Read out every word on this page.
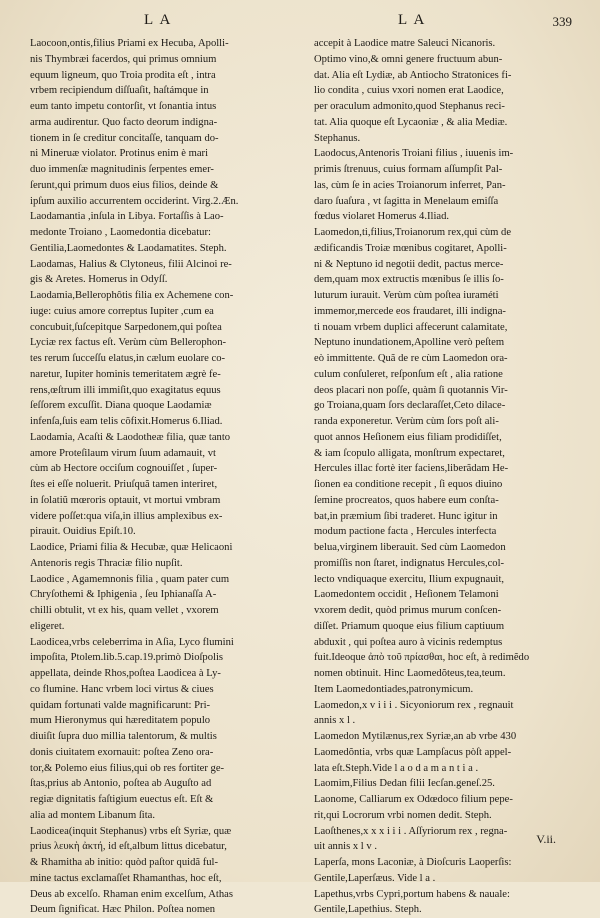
L A	L A	339

Laocoon,ontis,filius Priami ex Hecuba, Apolli-

nis Thymbræi facerdos, qui primus omnium

equum ligneum, quo Troia prodita eſt , intra

vrbem recipiendum diſſuaſit, haſtámque in

eum tanto impetu contorſit, vt ſonantia intus

arma audirentur. Quo facto deorum indigna-

tionem in ſe creditur concitaſſe, tanquam do-

ni Mineruæ violator. Protinus enim è mari

duo immenſæ magnitudinis ſerpentes emer-

ſerunt,qui primum duos eius filios, deinde &

ipſum auxilio accurrentem occiderint. Virg.2.Æn.

Laodamantia ,inſula in Libya. Fortaſſis à Lao-

medonte Troiano , Laomedontia dicebatur:

Gentilia,Laomedontes & Laodamatites. Steph.

Laodamas, Halius & Clytoneus, filii Alcinoi re-

gis & Aretes. Homerus in Odyſſ.

Laodamia,Bellerophôtis filia ex Achemene con-

iuge: cuius amore correptus Iupiter ,cum ea

concubuit,ſuſcepitque Sarpedonem,qui poſtea

Lyciæ rex factus eſt. Verùm cùm Bellerophon-

tes rerum ſucceſſu elatus,in cælum euolare co-

naretur, Iupiter hominis temeritatem ægrè fe-

rens,œſtrum illi immiſit,quo exagitatus equus

ſeſſorem excuſſit. Diana quoque Laodamiæ

infenſa,ſuis eam telis cõfixit.Homerus 6.Iliad.

Laodamia, Acaſti & Laodotheæ filia, quæ tanto

amore Proteſilaum virum ſuum adamauit, vt

cùm ab Hectore occiſum cognouiſſet , ſuper-

ſtes ei eſſe noluerit. Priuſquã tamen interiret,

in ſolatiũ mœroris optauit, vt mortui vmbram

videre poſſet:qua viſa,in illius amplexibus ex-

pirauit. Ouidius Epiſt.10.

Laodice, Priami filia & Hecubæ, quæ Helicaoni

Antenoris regis Thraciæ filio nupſit.

Laodice , Agamemnonis filia , quam pater cum

Chryſothemi & Iphigenia , ſeu Iphianaſſa A-

chilli obtulit, vt ex his, quam vellet , vxorem

eligeret.

Laodicea,vrbs celeberrima in Aſia, Lyco flumini

impoſita, Ptolem.lib.5.cap.19.primò Dioſpolis

appellata, deinde Rhos,poſtea Laodicea à Ly-

co flumine. Hanc vrbem loci virtus & ciues

quidam fortunati valde magnificarunt: Pri-

mum Hieronymus qui hæreditatem populo

diuiſit ſupra duo millia talentorum, & multis

donis ciuitatem exornauit: poſtea Zeno ora-

tor,& Polemo eius filius,qui ob res fortiter ge-

ſtas,prius ab Antonio, poſtea ab Auguſto ad

regiæ dignitatis faſtigium euectus eſt. Eſt &

alia ad montem Libanum ſita.

Laodicea(inquit Stephanus) vrbs eſt Syriæ, quæ

prius λευκὴ ἀκτή, id eſt,album littus dicebatur,

& Rhamitha ab initio: quòd paſtor quidã ful-

mine tactus exclamaſſet Rhamanthas, hoc eſt,

Deus ab excelſo. Rhaman enim excelſum, Athas

Deum ſignificat. Hæc Philon. Poſtea nomen

accepit à Laodice matre Saleuci Nicanoris.

Optimo vino,& omni genere fructuum abun-

dat. Alia eſt Lydiæ, ab Antiocho Stratonices fi-

lio condita , cuius vxori nomen erat Laodice,

per oraculum admonito,quod Stephanus reci-

tat. Alia quoque eſt Lycaoniæ , & alia Mediæ.

Stephanus.

Laodocus,Antenoris Troiani filius , iuuenis im-

primis ſtrenuus, cuius formam aſſumpſit Pal-

las, cùm ſe in acies Troianorum inferret, Pan-

daro ſuaſura , vt ſagitta in Menelaum emiſſa

fœdus violaret Homerus 4.Iliad.

Laomedon,ti,filius,Troianorum rex,qui cùm de

ædificandis Troiæ mœnibus cogitaret, Apolli-

ni & Neptuno id negotii dedit, pactus merce-

dem,quam mox extructis mœnibus ſe illis ſo-

luturum iurauit. Verùm cùm poſtea iuraméti

immemor,mercede eos fraudaret, illi indigna-

ti nouam vrbem duplici affecerunt calamitate,

Neptuno inundationem,Apolline verò peſtem

eò immittente. Quã de re cùm Laomedon ora-

culum conſuleret, reſponſum eſt , alia ratione

deos placari non poſſe, quàm ſi quotannis Vir-

go Troiana,quam ſors declaraſſet,Ceto dilace-

randa exponeretur. Verùm cùm ſors poſt ali-

quot annos Heſionem eius filiam prodidiſſet,

& iam ſcopulo alligata, monſtrum expectaret,

Hercules illac fortè iter faciens,liberãdam He-

ſionen ea conditione recepit , ſi equos diuino

ſemine procreatos, quos habere eum conſta-

bat,in præmium ſibi traderet. Hunc igitur in

modum pactione facta , Hercules interfecta

belua,virginem liberauit. Sed cùm Laomedon

promiſſis non ſtaret, indignatus Hercules,col-

lecto vndiquaque exercitu, Ilium expugnauit,

Laomedontem occidit , Heſionem Telamoni

vxorem dedit, quòd primus murum conſcen-

diſſet. Priamum quoque eius filium captiuum

abduxit , qui poſtea auro à vicinis redemptus

fuit.Ideoque ἀπὸ τοῦ πρίασθαι, hoc eſt, à redimẽdo

nomen obtinuit. Hinc Laomedõteus,tea,teum.

Item Laomedontiades,patronymicum.

Laomedon,x v i i i . Sicyoniorum rex , regnauit

annis x l .

Laomedon Mytilænus,rex Syriæ,an ab vrbe 430

Laomedõntia, vrbs quæ Lampſacus pòſt appel-

lata eſt.Steph.Vide l a o d a m a n t i a .

Laomim,Filius Dedan filii Iecſan.geneſ.25.

Laonome, Calliarum ex Odœdoco filium pepe-

rit,qui Locrorum vrbi nomen dedit. Steph.

Laoſthenes,x x x i i i . Aſſyriorum rex , regna-

uit annis x l v .

Laperſa, mons Laconiæ, à Dioſcuris Laoperſis:

Gentile,Laperſæus. Vide l a .

Lapethus,vrbs Cypri,portum habens & nauale:

Gentile,Lapethius. Steph.

V.ii.
